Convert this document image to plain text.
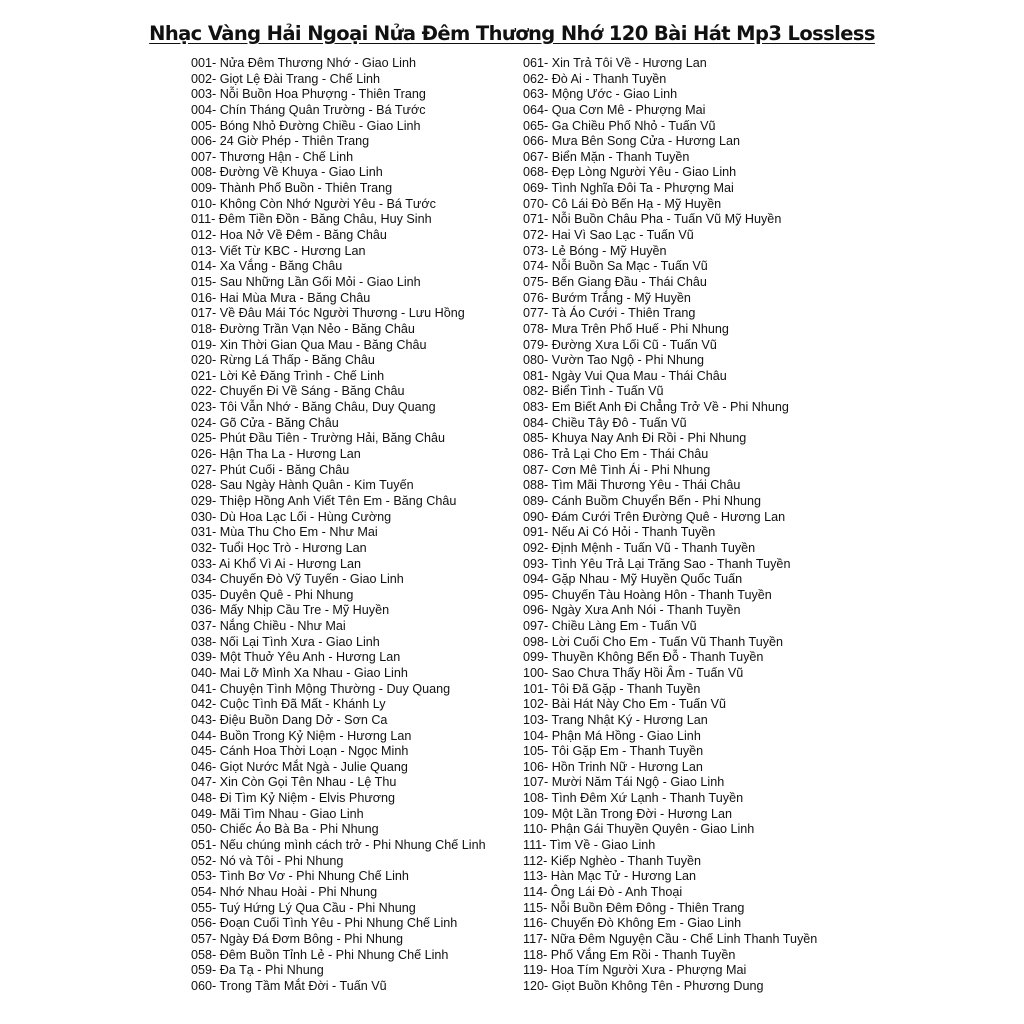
Nhạc Vàng Hải Ngoại Nửa Đêm Thương Nhớ 120 Bài Hát Mp3 Lossless
001- Nửa Đêm Thương Nhớ - Giao Linh
002- Giọt Lệ Đài Trang - Chế Linh
003- Nỗi Buồn Hoa Phượng - Thiên Trang
004- Chín Tháng Quân Trường - Bá Tước
005- Bóng Nhỏ Đường Chiều - Giao Linh
006- 24 Giờ Phép - Thiên Trang
007- Thương Hận - Chế Linh
008- Đường Về Khuya - Giao Linh
009- Thành Phố Buồn - Thiên Trang
010- Không Còn Nhớ Người Yêu - Bá Tước
011- Đêm Tiền Đồn - Băng Châu, Huy Sinh
012- Hoa Nở Về Đêm - Băng Châu
013- Viết Từ KBC - Hương Lan
014- Xa Vắng - Băng Châu
015- Sau Những Lần Gối Mỏi - Giao Linh
016- Hai Mùa Mưa - Băng Châu
017- Về Đâu Mái Tóc Người Thương - Lưu Hồng
018- Đường Trần Vạn Nẻo - Băng Châu
019- Xin Thời Gian Qua Mau - Băng Châu
020- Rừng Lá Thấp - Băng Châu
021- Lời Kẻ Đăng Trình - Chế Linh
022- Chuyến Đi Về Sáng - Băng Châu
023- Tôi Vẫn Nhớ - Băng Châu, Duy Quang
024- Gõ Cửa - Băng Châu
025- Phút Đầu Tiên - Trường Hải, Băng Châu
026- Hận Tha La - Hương Lan
027- Phút Cuối - Băng Châu
028- Sau Ngày Hành Quân - Kim Tuyến
029- Thiệp Hồng Anh Viết Tên Em - Băng Châu
030- Dù Hoa Lạc Lối - Hùng Cường
031- Mùa Thu Cho Em - Như Mai
032- Tuổi Học Trò - Hương Lan
033- Ai Khổ Vì Ai - Hương Lan
034- Chuyến Đò Vỹ Tuyến - Giao Linh
035- Duyên Quê - Phi Nhung
036- Mấy Nhịp Cầu Tre - Mỹ Huyền
037- Nắng Chiều - Như Mai
038- Nối Lại Tình Xưa - Giao Linh
039- Một Thuở Yêu Anh - Hương Lan
040- Mai Lỡ Mình Xa Nhau - Giao Linh
041- Chuyện Tình Mộng Thường - Duy Quang
042- Cuộc Tình Đã Mất - Khánh Ly
043- Điệu Buồn Dang Dở - Sơn Ca
044- Buồn Trong Kỷ Niệm - Hương Lan
045- Cánh Hoa Thời Loạn - Ngọc Minh
046- Giọt Nước Mắt Ngà - Julie Quang
047- Xin Còn Gọi Tên Nhau - Lệ Thu
048- Đi Tìm Kỷ Niệm - Elvis Phương
049- Mãi Tìm Nhau - Giao Linh
050- Chiếc Áo Bà Ba - Phi Nhung
051- Nếu chúng mình cách trở - Phi Nhung Chế Linh
052- Nó và Tôi - Phi Nhung
053- Tình Bơ Vơ - Phi Nhung Chế Linh
054- Nhớ Nhau Hoài - Phi Nhung
055- Tuý Hứng Lý Qua Cầu - Phi Nhung
056- Đoạn Cuối Tình Yêu - Phi Nhung Chế Linh
057- Ngày Đá Đơm Bông - Phi Nhung
058- Đêm Buồn Tỉnh Lẻ - Phi Nhung Chế Linh
059- Đa Tạ - Phi Nhung
060- Trong Tầm Mắt Đời - Tuấn Vũ
061- Xin Trả Tôi Về - Hương Lan
062- Đò Ai - Thanh Tuyền
063- Mộng Ước - Giao Linh
064- Qua Cơn Mê - Phượng Mai
065- Ga Chiều Phố Nhỏ - Tuấn Vũ
066- Mưa Bên Song Cửa - Hương Lan
067- Biển Mặn - Thanh Tuyền
068- Đẹp Lòng Người Yêu - Giao Linh
069- Tình Nghĩa Đôi Ta - Phượng Mai
070- Cô Lái Đò Bến Hạ - Mỹ Huyền
071- Nỗi Buồn Châu Pha - Tuấn Vũ Mỹ Huyền
072- Hai Vì Sao Lạc - Tuấn Vũ
073- Lẻ Bóng - Mỹ Huyền
074- Nỗi Buồn Sa Mạc - Tuấn Vũ
075- Bến Giang Đầu - Thái Châu
076- Bướm Trắng - Mỹ Huyền
077- Tà Áo Cưới - Thiên Trang
078- Mưa Trên Phố Huế - Phi Nhung
079- Đường Xưa Lối Cũ - Tuấn Vũ
080- Vườn Tao Ngộ - Phi Nhung
081- Ngày Vui Qua Mau - Thái Châu
082- Biển Tình - Tuấn Vũ
083- Em Biết Anh Đi Chẳng Trở Về - Phi Nhung
084- Chiều Tây Đô - Tuấn Vũ
085- Khuya Nay Anh Đi Rồi - Phi Nhung
086- Trả Lại Cho Em - Thái Châu
087- Cơn Mê Tình Ái - Phi Nhung
088- Tìm Mãi Thương Yêu - Thái Châu
089- Cánh Buồm Chuyển Bến - Phi Nhung
090- Đám Cưới Trên Đường Quê - Hương Lan
091- Nếu Ai Có Hỏi - Thanh Tuyền
092- Định Mệnh - Tuấn Vũ - Thanh Tuyền
093- Tình Yêu Trả Lại Trăng Sao - Thanh Tuyền
094- Gặp Nhau - Mỹ Huyền Quốc Tuấn
095- Chuyến Tàu Hoàng Hôn - Thanh Tuyền
096- Ngày Xưa Anh Nói - Thanh Tuyền
097- Chiều Làng Em - Tuấn Vũ
098- Lời Cuối Cho Em - Tuấn Vũ Thanh Tuyền
099- Thuyền Không Bến Đỗ - Thanh Tuyền
100- Sao Chưa Thấy Hồi Âm - Tuấn Vũ
101- Tôi Đã Gặp - Thanh Tuyền
102- Bài Hát Này Cho Em - Tuấn Vũ
103- Trang Nhật Ký - Hương Lan
104- Phận Má Hồng - Giao Linh
105- Tôi Gặp Em - Thanh Tuyền
106- Hồn Trinh Nữ - Hương Lan
107- Mười Năm Tái Ngộ - Giao Linh
108- Tình Đêm Xứ Lạnh - Thanh Tuyền
109- Một Lần Trong Đời - Hương Lan
110- Phận Gái Thuyền Quyên - Giao Linh
111- Tìm Về - Giao Linh
112- Kiếp Nghèo - Thanh Tuyền
113- Hàn Mạc Tử - Hương Lan
114- Ông Lái Đò - Anh Thoại
115- Nỗi Buồn Đêm Đông - Thiên Trang
116- Chuyến Đò Không Em - Giao Linh
117- Nữa Đêm Nguyện Cầu - Chế Linh Thanh Tuyền
118- Phố Vắng Em Rồi - Thanh Tuyền
119- Hoa Tím Người Xưa - Phượng Mai
120- Giọt Buồn Không Tên - Phương Dung
